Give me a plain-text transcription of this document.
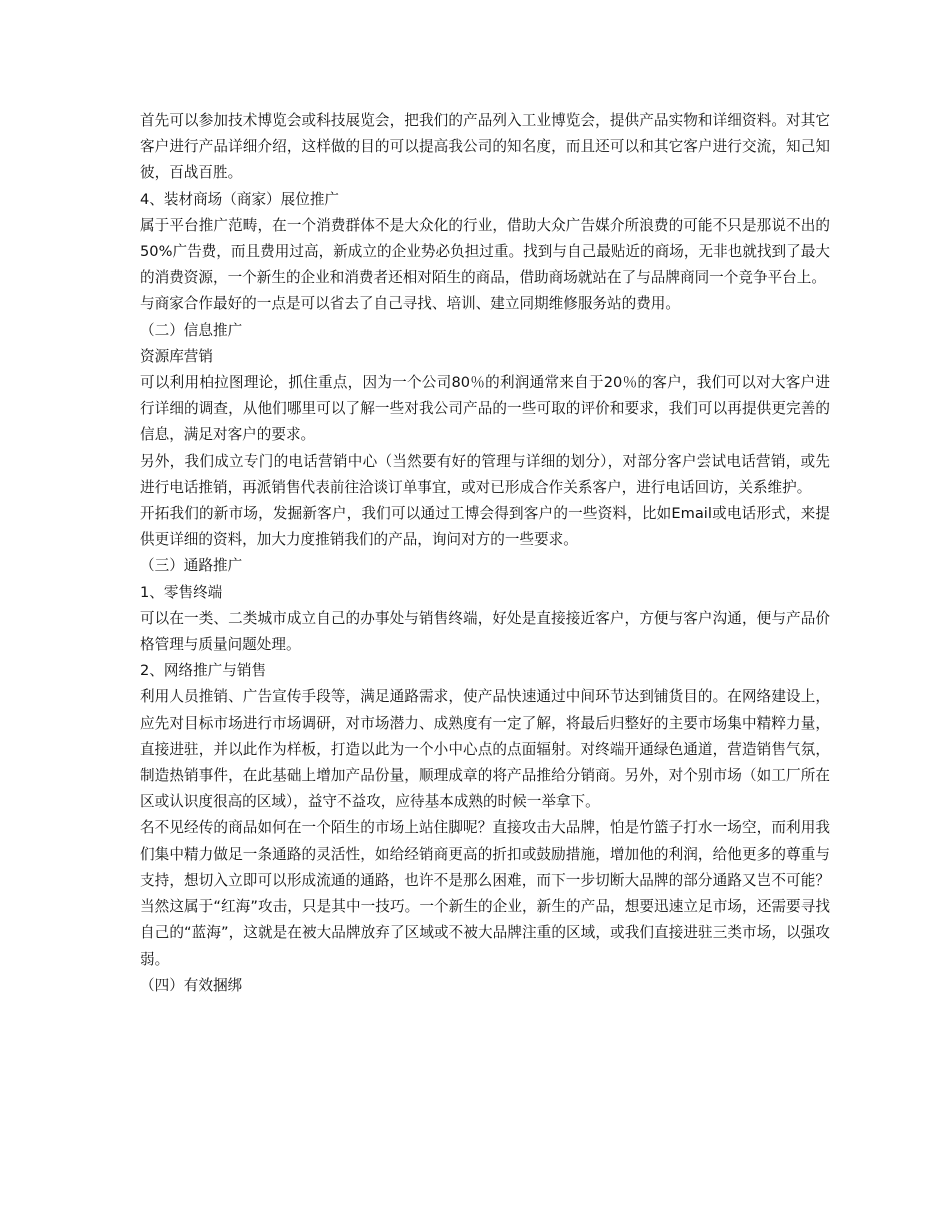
首先可以参加技术博览会或科技展览会，把我们的产品列入工业博览会，提供产品实物和详细资料。对其它客户进行产品详细介绍，这样做的目的可以提高我公司的知名度，而且还可以和其它客户进行交流，知己知彼，百战百胜。

4、装材商场（商家）展位推广

属于平台推广范畴，在一个消费群体不是大众化的行业，借助大众广告媒介所浪费的可能不只是那说不出的50%广告费，而且费用过高，新成立的企业势必负担过重。找到与自己最贴近的商场，无非也就找到了最大的消费资源，一个新生的企业和消费者还相对陌生的商品，借助商场就站在了与品牌商同一个竞争平台上。

与商家合作最好的一点是可以省去了自己寻找、培训、建立同期维修服务站的费用。

（二）信息推广

资源库营销

可以利用柏拉图理论，抓住重点，因为一个公司80％的利润通常来自于20％的客户，我们可以对大客户进行详细的调查，从他们哪里可以了解一些对我公司产品的一些可取的评价和要求，我们可以再提供更完善的信息，满足对客户的要求。

另外，我们成立专门的电话营销中心（当然要有好的管理与详细的划分），对部分客户尝试电话营销，或先进行电话推销，再派销售代表前往洽谈订单事宜，或对已形成合作关系客户，进行电话回访，关系维护。

开拓我们的新市场，发掘新客户，我们可以通过工博会得到客户的一些资料，比如Email或电话形式，来提供更详细的资料，加大力度推销我们的产品，询问对方的一些要求。

（三）通路推广

1、零售终端

可以在一类、二类城市成立自己的办事处与销售终端，好处是直接接近客户，方便与客户沟通，便与产品价格管理与质量问题处理。

2、网络推广与销售

利用人员推销、广告宣传手段等，满足通路需求，使产品快速通过中间环节达到铺货目的。在网络建设上，应先对目标市场进行市场调研，对市场潜力、成熟度有一定了解，将最后归整好的主要市场集中精粹力量，直接进驻，并以此作为样板，打造以此为一个小中心点的点面辐射。对终端开通绿色通道，营造销售气氛，制造热销事件，在此基础上增加产品份量，顺理成章的将产品推给分销商。另外，对个别市场（如工厂所在区或认识度很高的区域），益守不益攻，应待基本成熟的时候一举拿下。

名不见经传的商品如何在一个陌生的市场上站住脚呢？直接攻击大品牌，怕是竹篮子打水一场空，而利用我们集中精力做足一条通路的灵活性，如给经销商更高的折扣或鼓励措施，增加他的利润，给他更多的尊重与支持，想切入立即可以形成流通的通路，也许不是那么困难，而下一步切断大品牌的部分通路又岂不可能？当然这属于“红海”攻击，只是其中一技巧。一个新生的企业，新生的产品，想要迅速立足市场，还需要寻找自己的“蓝海”，这就是在被大品牌放弃了区域或不被大品牌注重的区域，或我们直接进驻三类市场，以强攻弱。

（四）有效捆绑
